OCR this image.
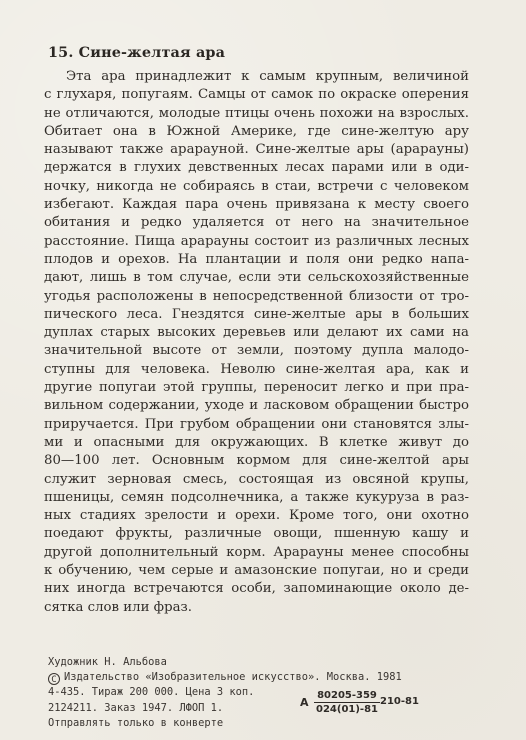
15. Сине-желтая ара
Эта ара принадлежит к самым крупным, величиной
с глухаря, попугаям. Самцы от самок по окраске оперения
не отличаются, молодые птицы очень похожи на взрослых.
Обитает она в Южной Америке, где сине-желтую ару
называют также арарауной. Сине-желтые ары (арарауны)
держатся в глухих девственных лесах парами или в оди-
ночку, никогда не собираясь в стаи, встречи с человеком
избегают. Каждая пара очень привязана к месту своего
обитания и редко удаляется от него на значительное
расстояние. Пища арарауны состоит из различных лесных
плодов и орехов. На плантации и поля они редко напа-
дают, лишь в том случае, если эти сельскохозяйственные
угодья расположены в непосредственной близости от тро-
пического леса. Гнездятся сине-желтые ары в больших
дуплах старых высоких деревьев или делают их сами на
значительной высоте от земли, поэтому дупла малодо-
ступны для человека. Неволю сине-желтая ара, как и
другие попугаи этой группы, переносит легко и при пра-
вильном содержании, уходе и ласковом обращении быстро
приручается. При грубом обращении они становятся злы-
ми и опасными для окружающих. В клетке живут до
80—100 лет. Основным кормом для сине-желтой ары
служит зерновая смесь, состоящая из овсяной крупы,
пшеницы, семян подсолнечника, а также кукуруза в раз-
ных стадиях зрелости и орехи. Кроме того, они охотно
поедают фрукты, различные овощи, пшенную кашу и
другой дополнительный корм. Арарауны менее способны
к обучению, чем серые и амазонские попугаи, но и среди
них иногда встречаются особи, запоминающие около де-
сятка слов или фраз.
Художник Н. Альбова
C Издательство «Изобразительное искусство». Москва. 1981
4-435. Тираж 200 000. Цена 3 коп.
2124211. Заказ 1947. ЛФОП 1.
Отправлять только в конверте
А $\frac{80205-359}{024(01)-81} 210-81$
